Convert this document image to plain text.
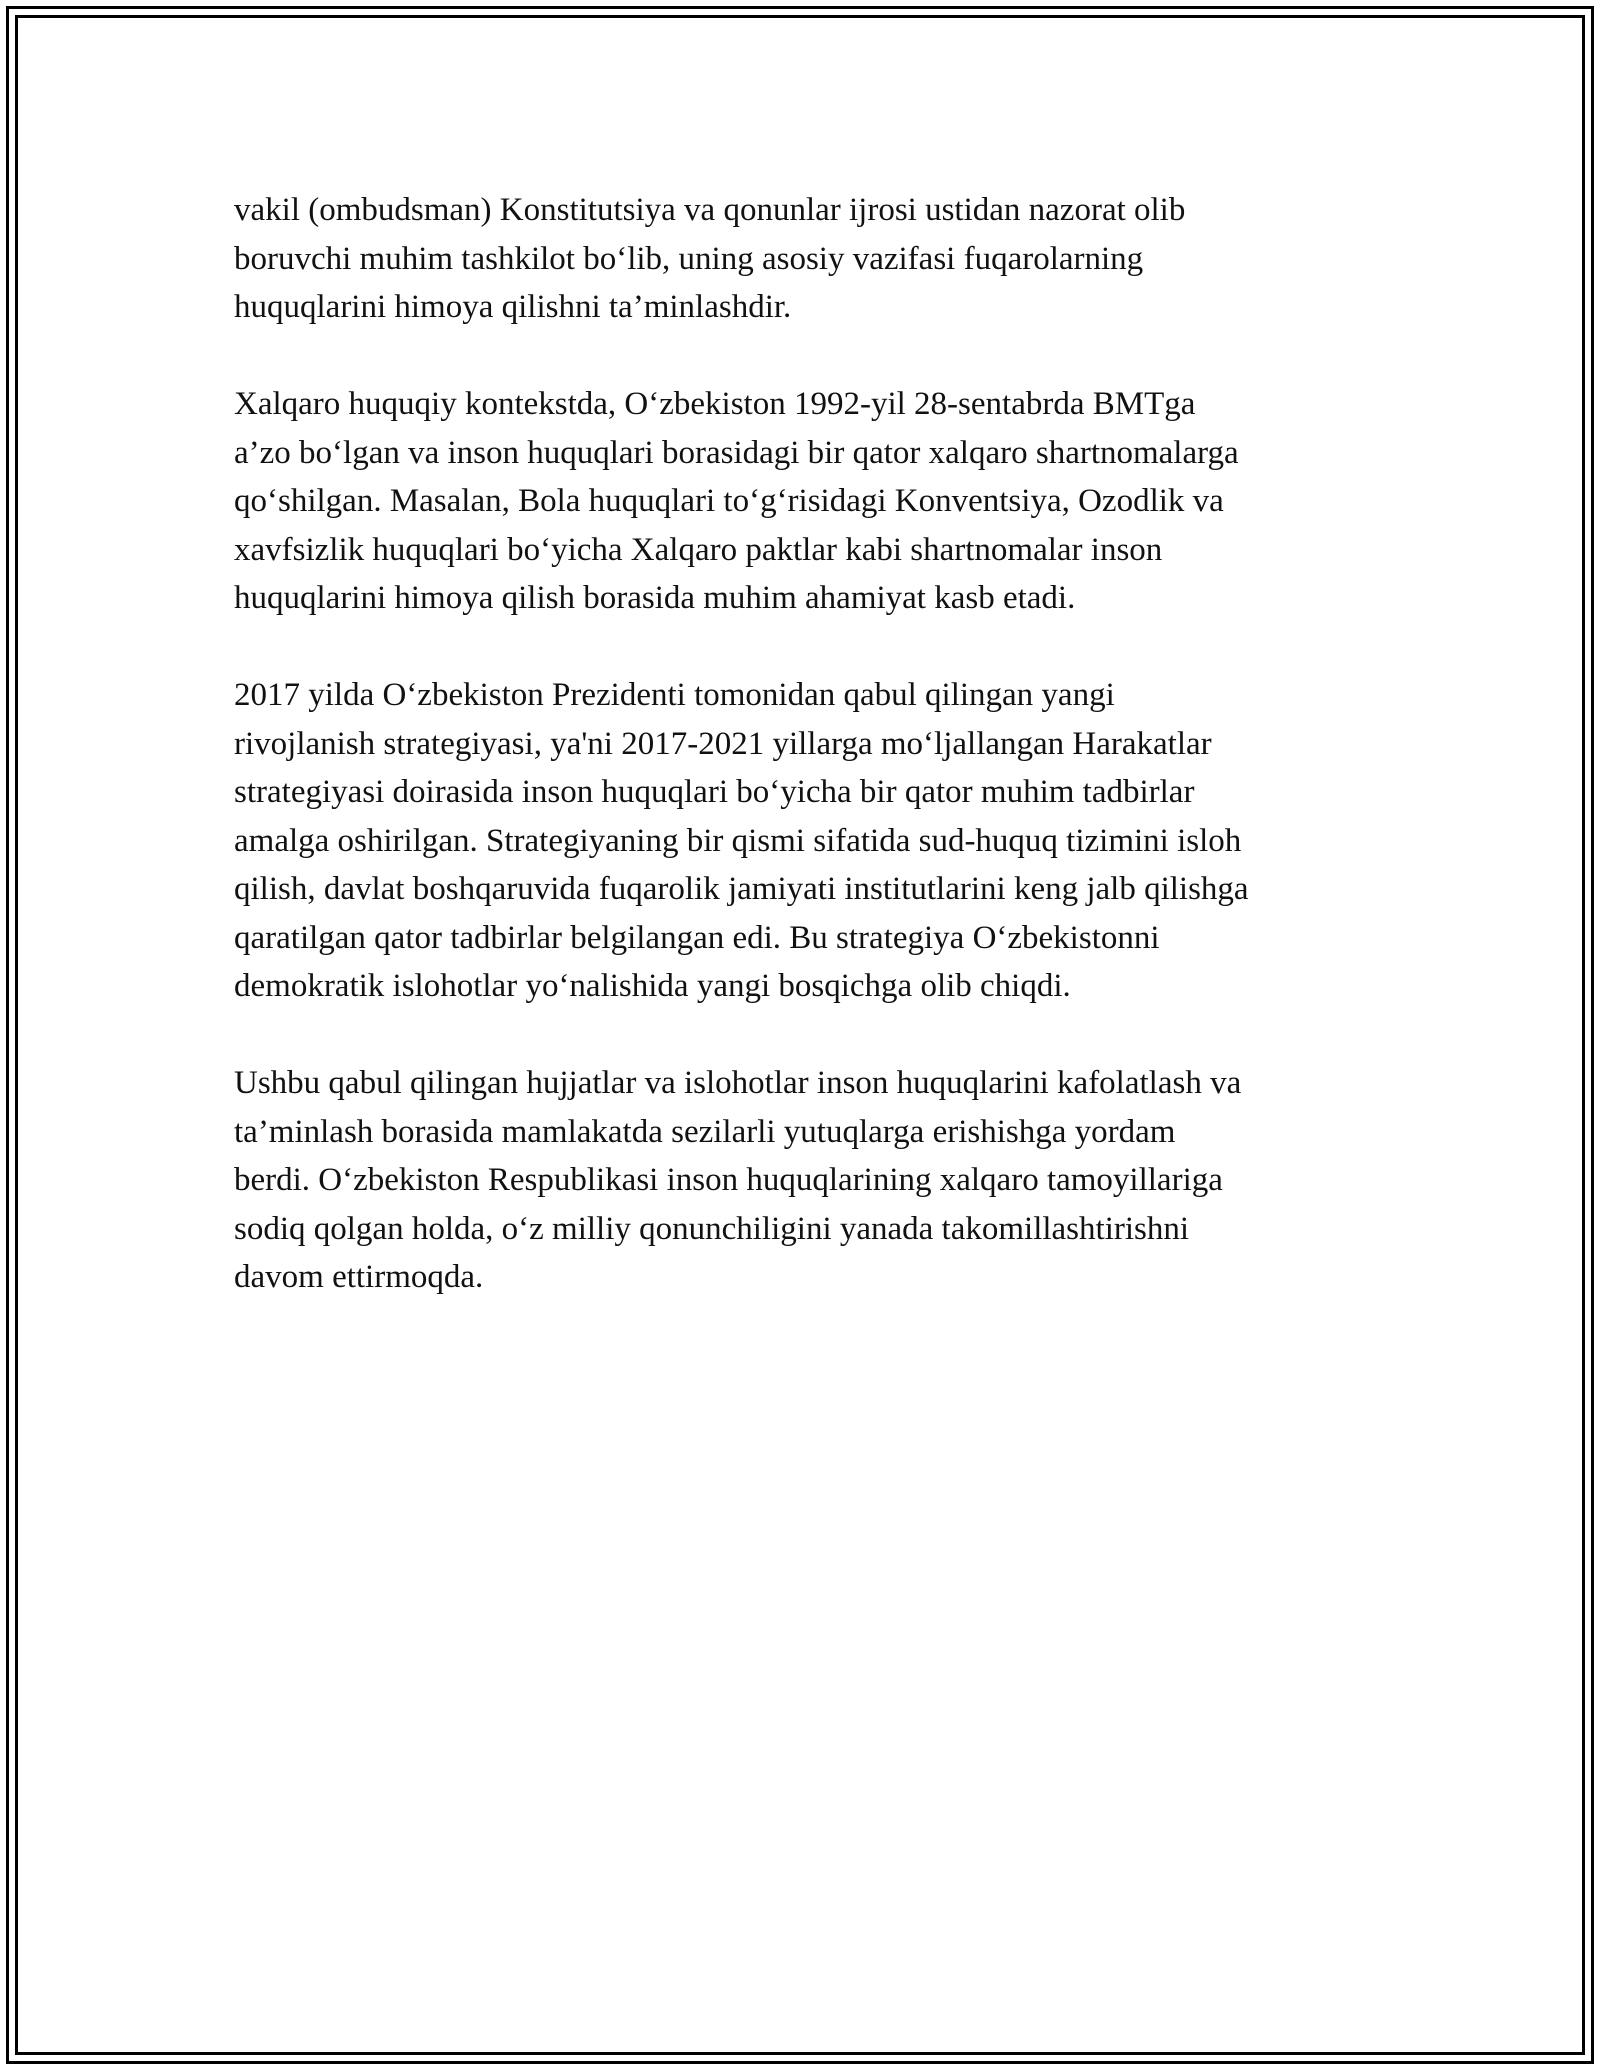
vakil (ombudsman) Konstitutsiya va qonunlar ijrosi ustidan nazorat olib
boruvchi muhim tashkilot bo‘lib, uning asosiy vazifasi fuqarolarning
huquqlarini himoya qilishni ta’minlashdir.

Xalqaro huquqiy kontekstda, O‘zbekiston 1992-yil 28-sentabrda BMTga
a’zo bo‘lgan va inson huquqlari borasidagi bir qator xalqaro shartnomalarga
qo‘shilgan. Masalan, Bola huquqlari to‘g‘risidagi Konventsiya, Ozodlik va
xavfsizlik huquqlari bo‘yicha Xalqaro paktlar kabi shartnomalar inson
huquqlarini himoya qilish borasida muhim ahamiyat kasb etadi.

2017 yilda O‘zbekiston Prezidenti tomonidan qabul qilingan yangi
rivojlanish strategiyasi, ya'ni 2017-2021 yillarga mo‘ljallangan Harakatlar
strategiyasi doirasida inson huquqlari bo‘yicha bir qator muhim tadbirlar
amalga oshirilgan. Strategiyaning bir qismi sifatida sud-huquq tizimini isloh
qilish, davlat boshqaruvida fuqarolik jamiyati institutlarini keng jalb qilishga
qaratilgan qator tadbirlar belgilangan edi. Bu strategiya O‘zbekistonni
demokratik islohotlar yo‘nalishida yangi bosqichga olib chiqdi.

Ushbu qabul qilingan hujjatlar va islohotlar inson huquqlarini kafolatlash va
ta’minlash borasida mamlakatda sezilarli yutuqlarga erishishga yordam
berdi. O‘zbekiston Respublikasi inson huquqlarining xalqaro tamoyillariga
sodiq qolgan holda, o‘z milliy qonunchiligini yanada takomillashtirishni
davom ettirmoqda.
